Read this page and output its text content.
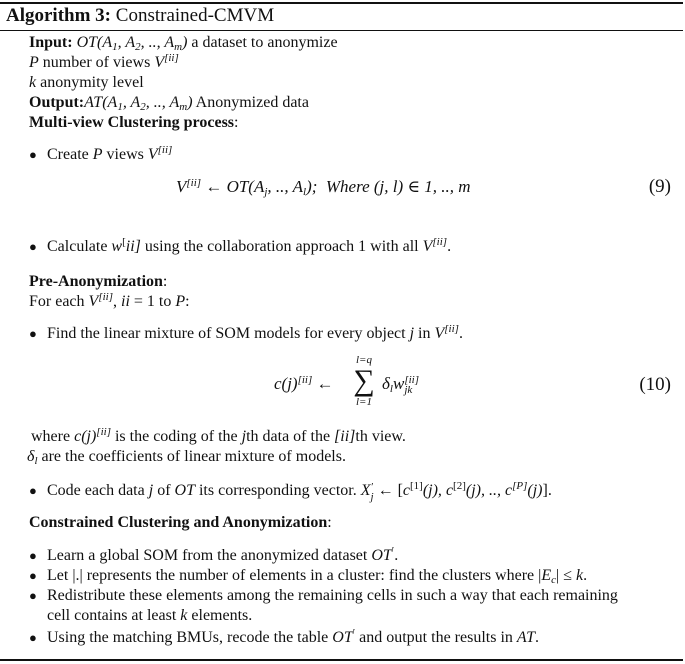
Algorithm 3: Constrained-CMVM
Input: $OT(A_1$, $A_2$, .., $A_m$) a dataset to anonymize
P number of views V[ii]
k anonymity level
$Output:AT(A_1$, $A_2$, .., $A_m$) Anonymized data
Multi-view Clustering process:
● Create P views V[ii]
V[ii] ← $OT(A_j$, .., $A_l$); Where (j, l) ∈ 1, .., m	(9)
● Calculate w[ii] using the collaboration approach 1 with all V[ii].
Pre-Anonymization:
For each V[ii], ii = 1 to P:
● Find the linear mixture of SOM models for every object j in V[ii].
c(j)[ii] ←
l=q
∑
l=1
$\delta_lw$ [ii]
jk	(10)
where c(j)[ii] is the coding of the jth data of the [ii]th view.
$\delta_l$ are the coefficients of linear mixture of models.
● Code each data j of OT its corresponding vector. X ′
j ← [c[1](j), c[2](j), .., c[P](j)].
Constrained Clustering and Anonymization:
● Learn a global SOM from the anonymized dataset OT′.
● Let |.| represents the number of elements in a cluster: find the clusters where $|E_c| \le k$.
● Redistribute these elements among the remaining cells in such a way that each remaining
cell contains at least k elements.
● Using the matching BMUs, recode the table OT′ and output the results in AT.
